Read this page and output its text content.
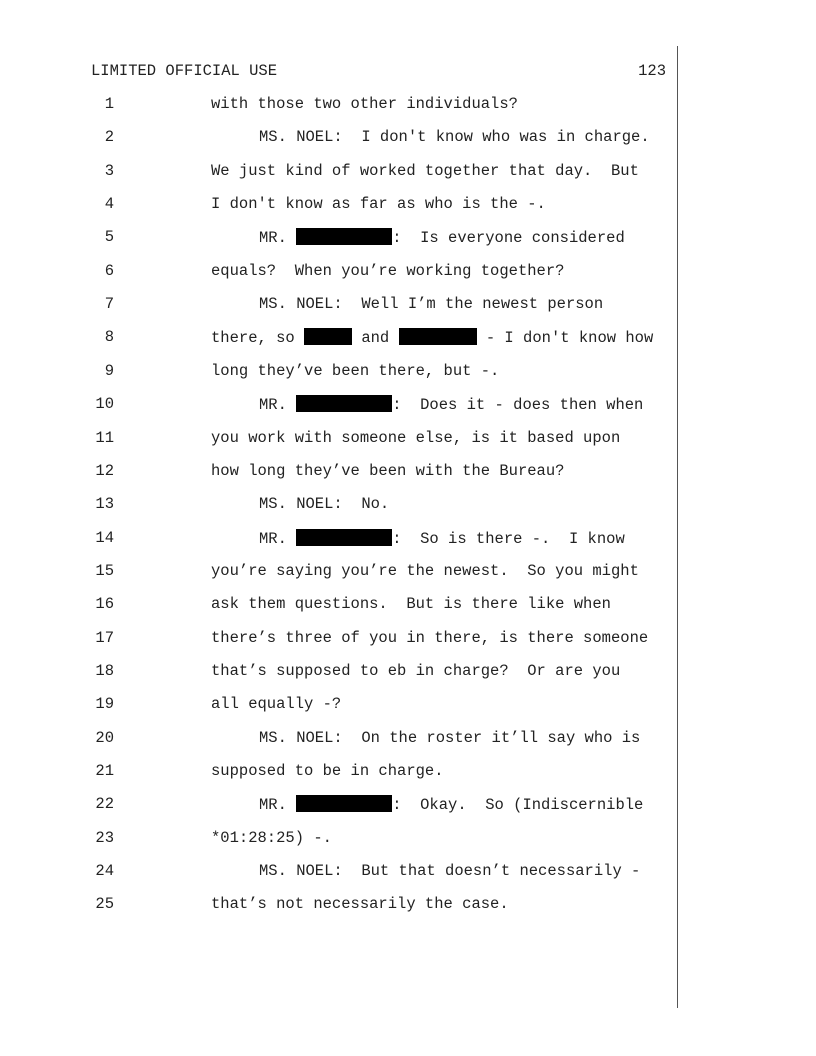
LIMITED OFFICIAL USE	123
1	with those two other individuals?
2	MS. NOEL:  I don't know who was in charge.
3	We just kind of worked together that day.  But
4	I don't know as far as who is the -.
5	MR.	:  Is everyone considered
6	equals?  When you’re working together?
7	MS. NOEL:  Well I’m the newest person
8	there, so	and	- I don't know how
9	long they’ve been there, but -.
10	MR.	:  Does it - does then when
11	you work with someone else, is it based upon
12	how long they’ve been with the Bureau?
13	MS. NOEL:  No.
14	MR.	:  So is there -.  I know
15	you’re saying you’re the newest.  So you might
16	ask them questions.  But is there like when
17	there’s three of you in there, is there someone
18	that’s supposed to eb in charge?  Or are you
19	all equally -?
20	MS. NOEL:  On the roster it’ll say who is
21	supposed to be in charge.
22	MR.	:  Okay.  So (Indiscernible
23	*01:28:25) -.
24	MS. NOEL:  But that doesn’t necessarily -
25	that’s not necessarily the case.
